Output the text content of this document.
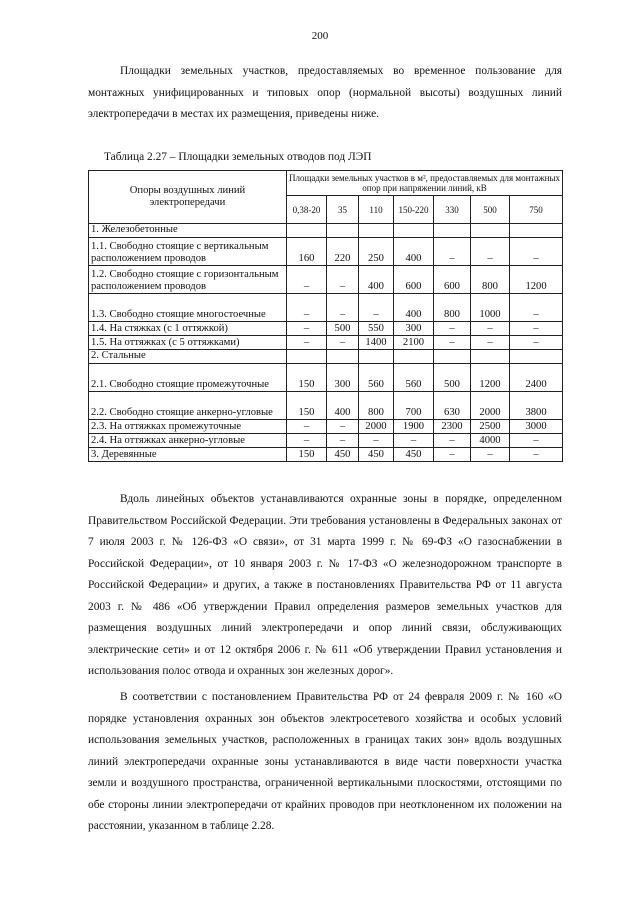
200

Площадки земельных участков, предоставляемых во временное пользование для монтажных унифицированных и типовых опор (нормальной высоты) воздушных линий электропередачи в местах их размещения, приведены ниже.

Таблица 2.27 – Площадки земельных отводов под ЛЭП
Опоры воздушных линий электропередачи	Площадки земельных участков в м², предоставляемых для монтажных опор при напряжении линий, кВ						
	0,38-20	35	110	150-220	330	500	750
1. Железобетонные							
1.1. Свободно стоящие с вертикальным расположением проводов	160	220	250	400	–	–	–
1.2. Свободно стоящие с горизонтальным расположением проводов	–	–	400	600	600	800	1200
1.3. Свободно стоящие многостоечные	–	–	–	400	800	1000	–
1.4. На стяжках (с 1 оттяжкой)	–	500	550	300	–	–	–
1.5. На оттяжках (с 5 оттяжками)	–	–	1400	2100	–	–	–
2. Стальные							
2.1. Свободно стоящие промежуточные	150	300	560	560	500	1200	2400
2.2. Свободно стоящие анкерно-угловые	150	400	800	700	630	2000	3800
2.3. На оттяжках промежуточные	–	–	2000	1900	2300	2500	3000
2.4. На оттяжках анкерно-угловые	–	–	–	–	–	4000	–
3. Деревянные	150	450	450	450	–	–	–

Вдоль линейных объектов устанавливаются охранные зоны в порядке, определенном Правительством Российской Федерации. Эти требования установлены в Федеральных законах от 7 июля 2003 г. № 126-ФЗ «О связи», от 31 марта 1999 г. № 69-ФЗ «О газоснабжении в Российской Федерации», от 10 января 2003 г. № 17-ФЗ «О железнодорожном транспорте в Российской Федерации» и других, а также в постановлениях Правительства РФ от 11 августа 2003 г. № 486 «Об утверждении Правил определения размеров земельных участков для размещения воздушных линий электропередачи и опор линий связи, обслуживающих электрические сети» и от 12 октября 2006 г. № 611 «Об утверждении Правил установления и использования полос отвода и охранных зон железных дорог».

В соответствии с постановлением Правительства РФ от 24 февраля 2009 г. № 160 «О порядке установления охранных зон объектов электросетевого хозяйства и особых условий использования земельных участков, расположенных в границах таких зон» вдоль воздушных линий электропередачи охранные зоны устанавливаются в виде части поверхности участка земли и воздушного пространства, ограниченной вертикальными плоскостями, отстоящими по обе стороны линии электропередачи от крайних проводов при неотклоненном их положении на расстоянии, указанном в таблице 2.28.
